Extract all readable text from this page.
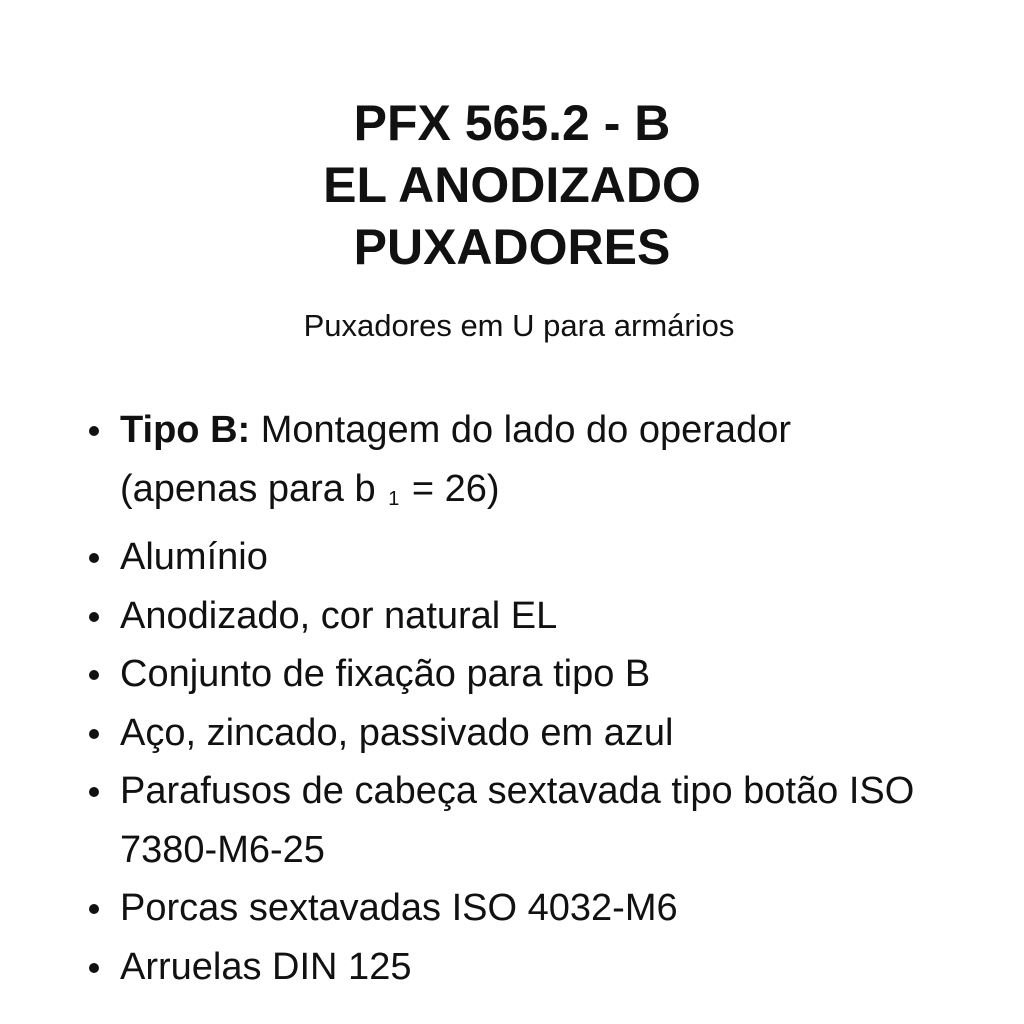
PFX 565.2 - B
EL ANODIZADO
PUXADORES

Puxadores em U para armários

Tipo B: Montagem do lado do operador
(apenas para b $_1$ = 26)
Alumínio
Anodizado, cor natural EL
Conjunto de fixação para tipo B
Aço, zincado, passivado em azul
Parafusos de cabeça sextavada tipo botão ISO 7380-M6-25
Porcas sextavadas ISO 4032-M6
Arruelas DIN 125
